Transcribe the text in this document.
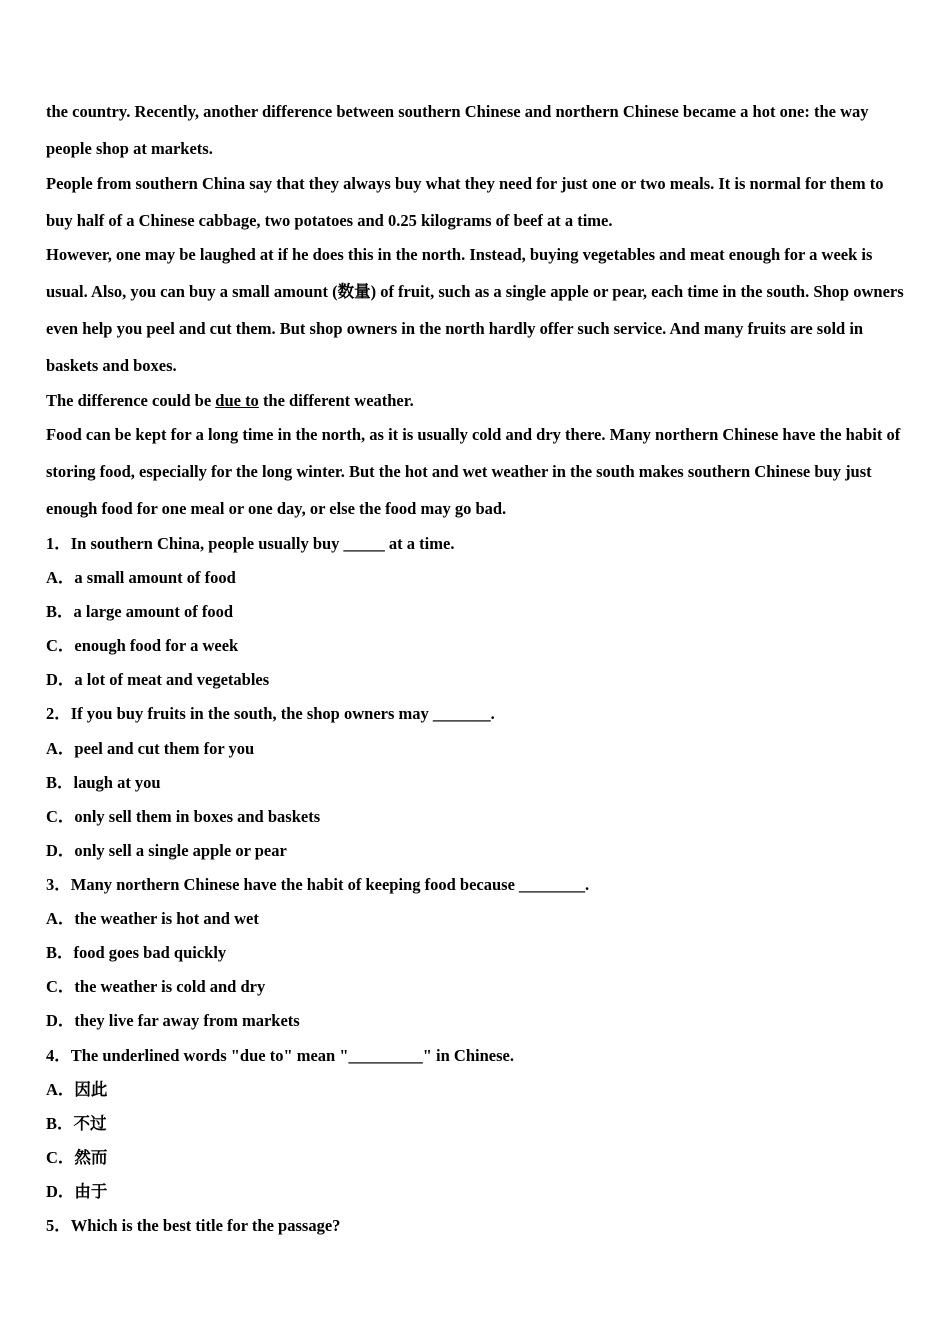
the country. Recently, another difference between southern Chinese and northern Chinese became a hot one: the way people shop at markets.

People from southern China say that they always buy what they need for just one or two meals. It is normal for them to buy half of a Chinese cabbage, two potatoes and 0.25 kilograms of beef at a time.

However, one may be laughed at if he does this in the north. Instead, buying vegetables and meat enough for a week is usual. Also, you can buy a small amount (数量) of fruit, such as a single apple or pear, each time in the south. Shop owners even help you peel and cut them. But shop owners in the north hardly offer such service. And many fruits are sold in baskets and boxes.

The difference could be due to the different weather.

Food can be kept for a long time in the north, as it is usually cold and dry there. Many northern Chinese have the habit of storing food, especially for the long winter. But the hot and wet weather in the south makes southern Chinese buy just enough food for one meal or one day, or else the food may go bad.

1．In southern China, people usually buy _____ at a time.

A．a small amount of food

B．a large amount of food

C．enough food for a week

D．a lot of meat and vegetables

2．If you buy fruits in the south, the shop owners may _______.

A．peel and cut them for you

B．laugh at you

C．only sell them in boxes and baskets

D．only sell a single apple or pear

3．Many northern Chinese have the habit of keeping food because ________.

A．the weather is hot and wet

B．food goes bad quickly

C．the weather is cold and dry

D．they live far away from markets

4．The underlined words "due to" mean "_________" in Chinese.

A．因此

B．不过

C．然而

D．由于

5．Which is the best title for the passage?
